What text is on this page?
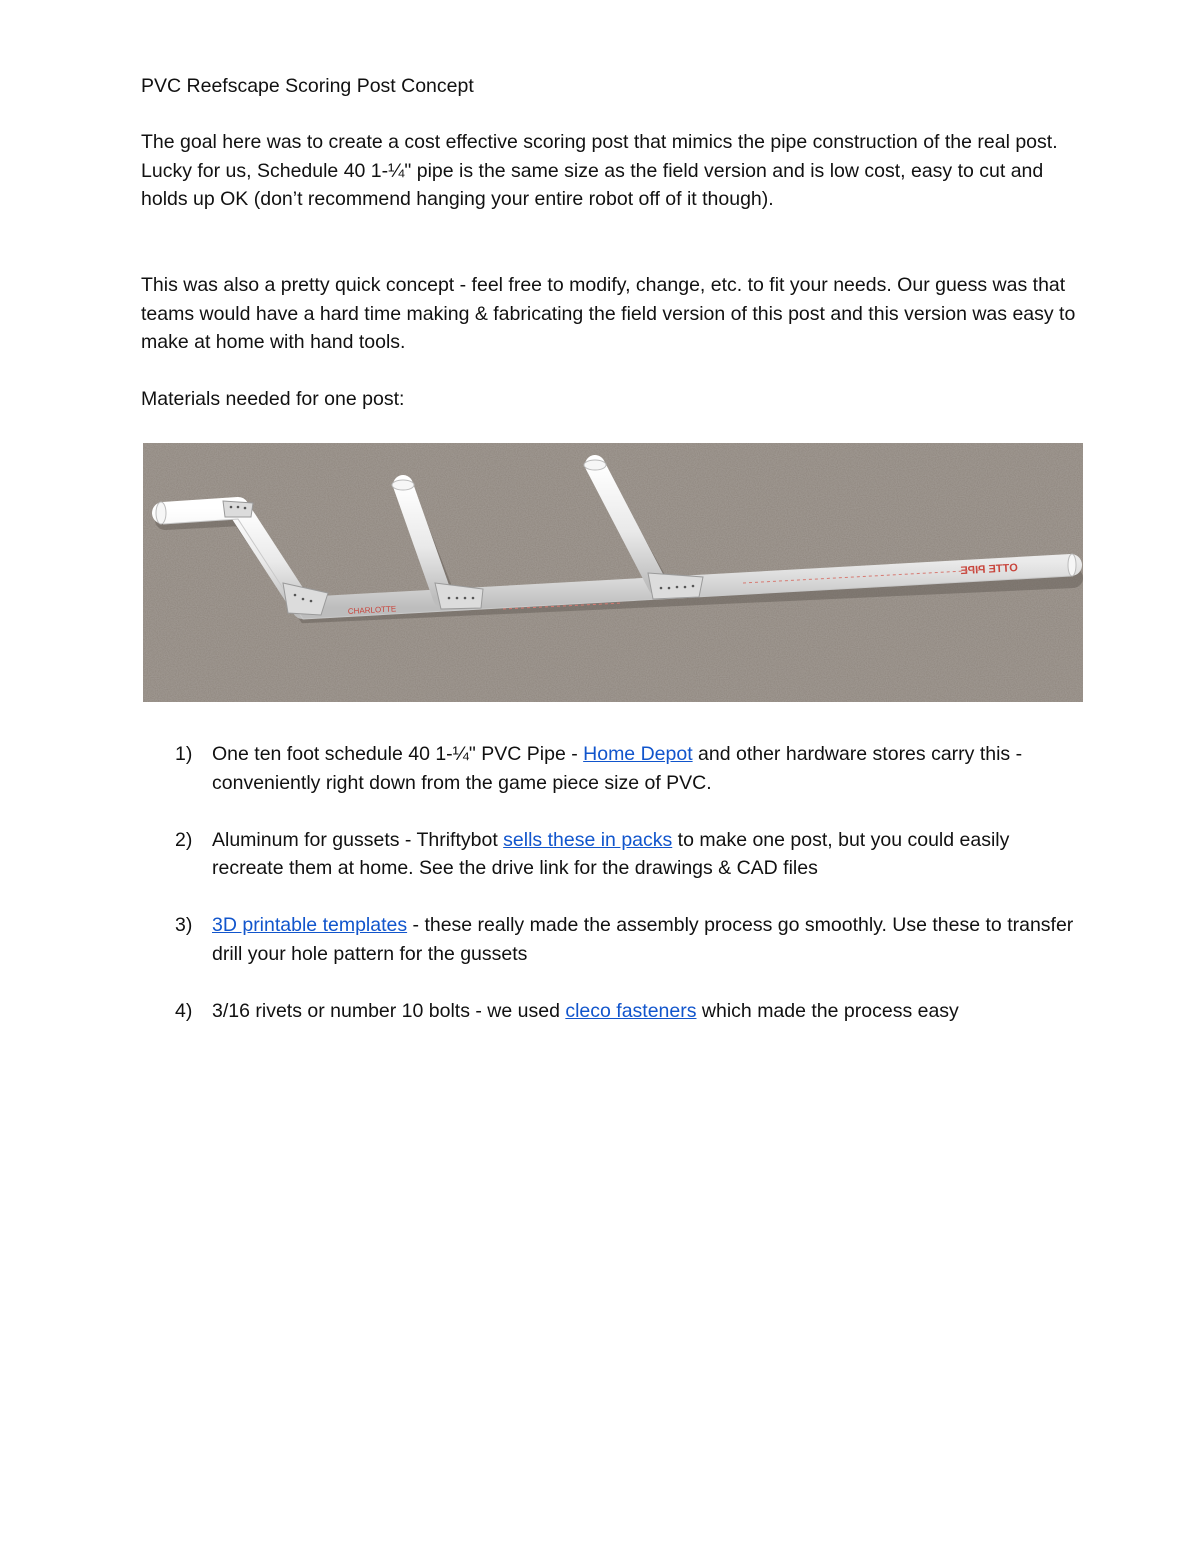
PVC Reefscape Scoring Post Concept

The goal here was to create a cost effective scoring post that mimics the pipe construction of the real post. Lucky for us, Schedule 40 1-¼" pipe is the same size as the field version and is low cost, easy to cut and holds up OK (don’t recommend hanging your entire robot off of it though).

This was also a pretty quick concept - feel free to modify, change, etc. to fit your needs. Our guess was that teams would have a hard time making & fabricating the field version of this post and this version was easy to make at home with hand tools.

Materials needed for one post:

CHARLOTTE
OTTE PIPE
1) One ten foot schedule 40 1-¼" PVC Pipe - Home Depot and other hardware stores carry this - conveniently right down from the game piece size of PVC.
2) Aluminum for gussets - Thriftybot sells these in packs to make one post, but you could easily recreate them at home. See the drive link for the drawings & CAD files
3) 3D printable templates - these really made the assembly process go smoothly. Use these to transfer drill your hole pattern for the gussets
4) 3/16 rivets or number 10 bolts - we used cleco fasteners which made the process easy
